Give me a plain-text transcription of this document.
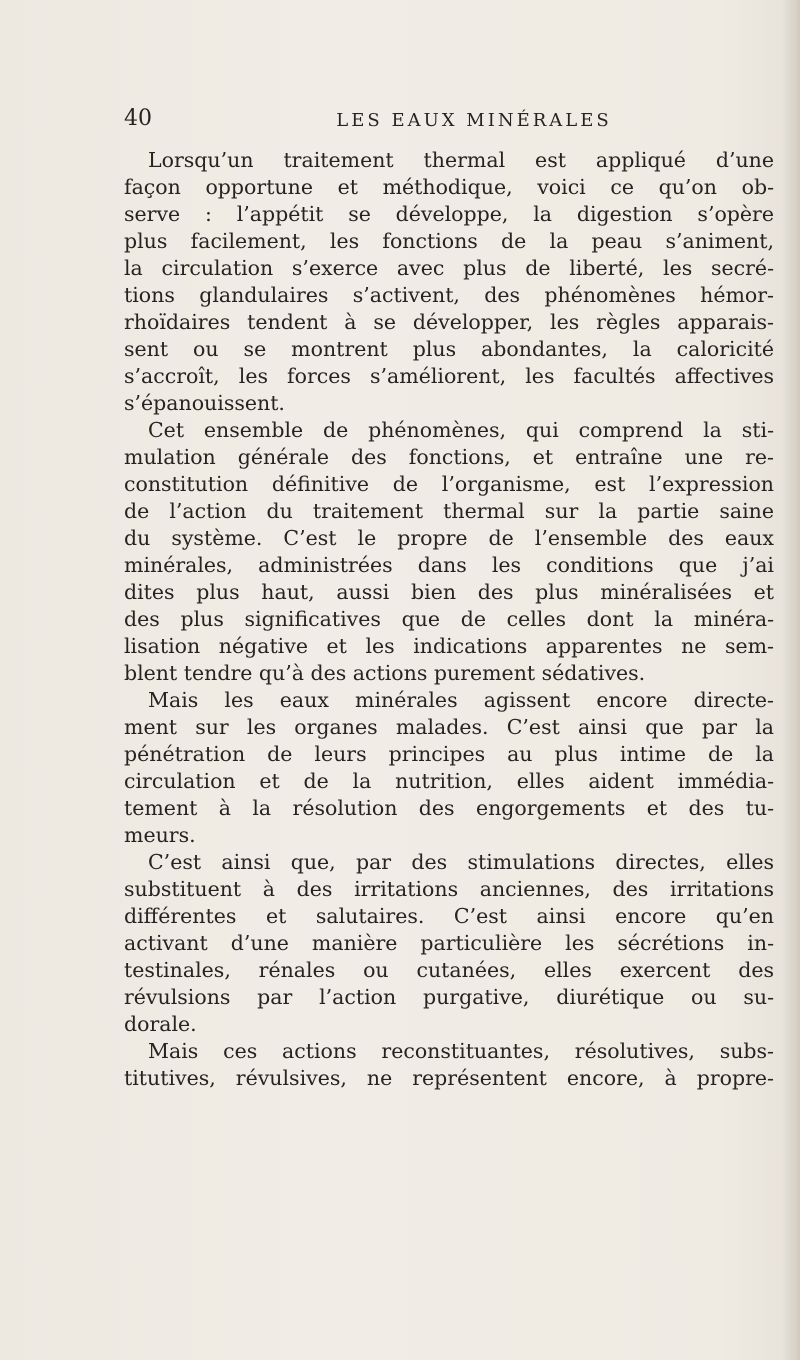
40	LES EAUX MINÉRALES
Lorsqu’un traitement thermal est appliqué d’une
façon opportune et méthodique, voici ce qu’on ob-
serve : l’appétit se développe, la digestion s’opère
plus facilement, les fonctions de la peau s’animent,
la circulation s’exerce avec plus de liberté, les secré-
tions glandulaires s’activent, des phénomènes hémor-
rhoïdaires tendent à se développer, les règles apparais-
sent ou se montrent plus abondantes, la caloricité
s’accroît, les forces s’améliorent, les facultés affectives
s’épanouissent.
Cet ensemble de phénomènes, qui comprend la sti-
mulation générale des fonctions, et entraîne une re-
constitution définitive de l’organisme, est l’expression
de l’action du traitement thermal sur la partie saine
du système. C’est le propre de l’ensemble des eaux
minérales, administrées dans les conditions que j’ai
dites plus haut, aussi bien des plus minéralisées et
des plus significatives que de celles dont la minéra-
lisation négative et les indications apparentes ne sem-
blent tendre qu’à des actions purement sédatives.
Mais les eaux minérales agissent encore directe-
ment sur les organes malades. C’est ainsi que par la
pénétration de leurs principes au plus intime de la
circulation et de la nutrition, elles aident immédia-
tement à la résolution des engorgements et des tu-
meurs.
C’est ainsi que, par des stimulations directes, elles
substituent à des irritations anciennes, des irritations
différentes et salutaires. C’est ainsi encore qu’en
activant d’une manière particulière les sécrétions in-
testinales, rénales ou cutanées, elles exercent des
révulsions par l’action purgative, diurétique ou su-
dorale.
Mais ces actions reconstituantes, résolutives, subs-
titutives, révulsives, ne représentent encore, à propre-
